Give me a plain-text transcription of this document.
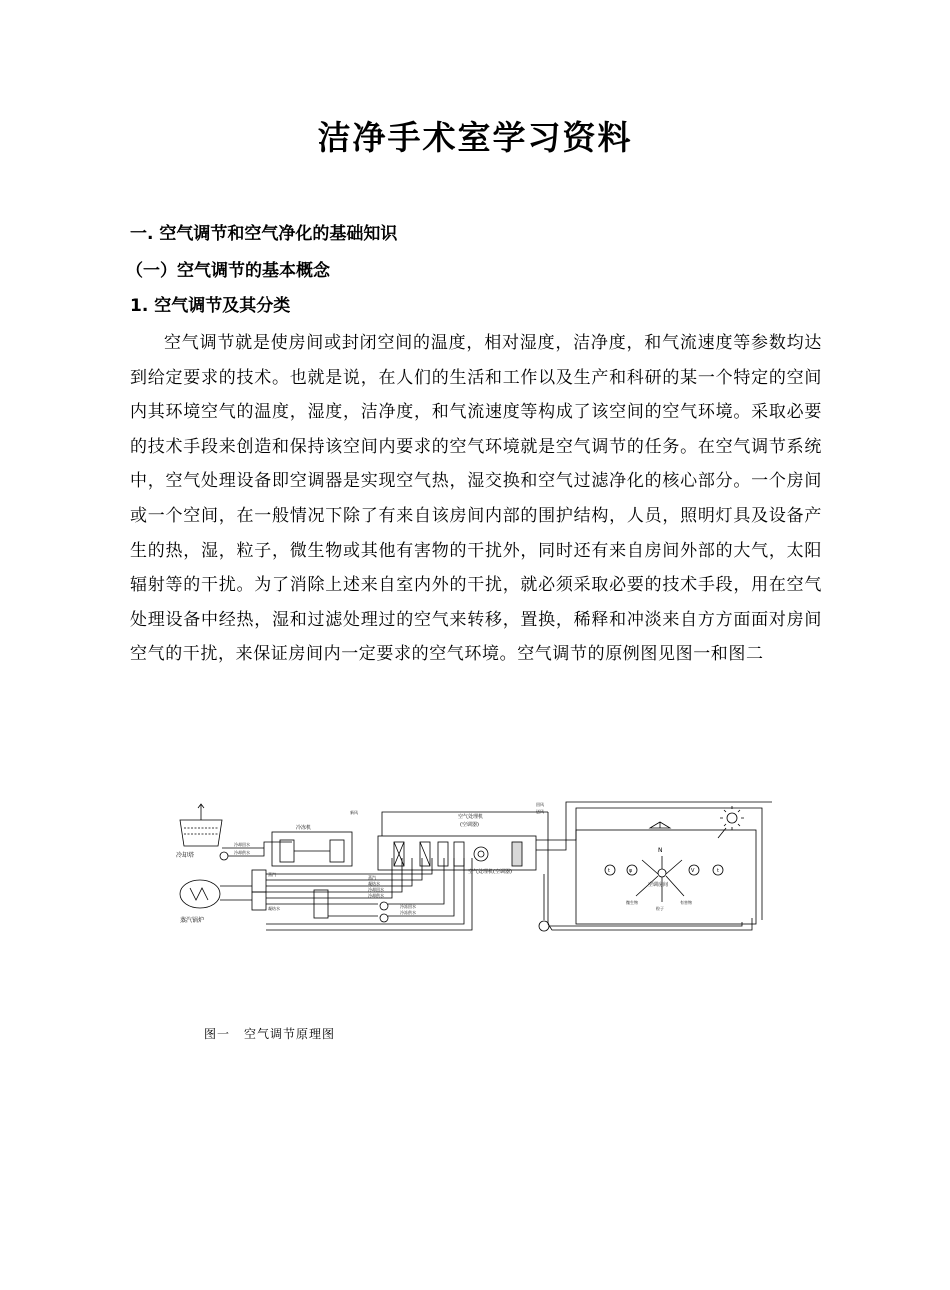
洁净手术室学习资料
一. 空气调节和空气净化的基础知识
（一）空气调节的基本概念
1. 空气调节及其分类
空气调节就是使房间或封闭空间的温度，相对湿度，洁净度，和气流速度等参数均达到给定要求的技术。也就是说，在人们的生活和工作以及生产和科研的某一个特定的空间内其环境空气的温度，湿度，洁净度，和气流速度等构成了该空间的空气环境。采取必要的技术手段来创造和保持该空间内要求的空气环境就是空气调节的任务。在空气调节系统中，空气处理设备即空调器是实现空气热，湿交换和空气过滤净化的核心部分。一个房间或一个空间，在一般情况下除了有来自该房间内部的围护结构，人员，照明灯具及设备产生的热，湿，粒子，微生物或其他有害物的干扰外，同时还有来自房间外部的大气，太阳辐射等的干扰。为了消除上述来自室内外的干扰，就必须采取必要的技术手段，用在空气处理设备中经热，湿和过滤处理过的空气来转移，置换，稀释和冲淡来自方方面面对房间空气的干扰，来保证房间内一定要求的空气环境。空气调节的原例图见图一和图二
冷却塔
蒸汽锅炉
冷却回水
冷却供水
冷冻机
蒸汽
凝结水
蒸汽
凝结水
冷却回水
冷却供水
冷冻回水
冷冻供水
空气处理机
(空调器)
空气处理机(空调器)
新风
回风
送风
N
空调房间
t	φ	V	t
微生物
粒子
有害物
图一 空气调节原理图
